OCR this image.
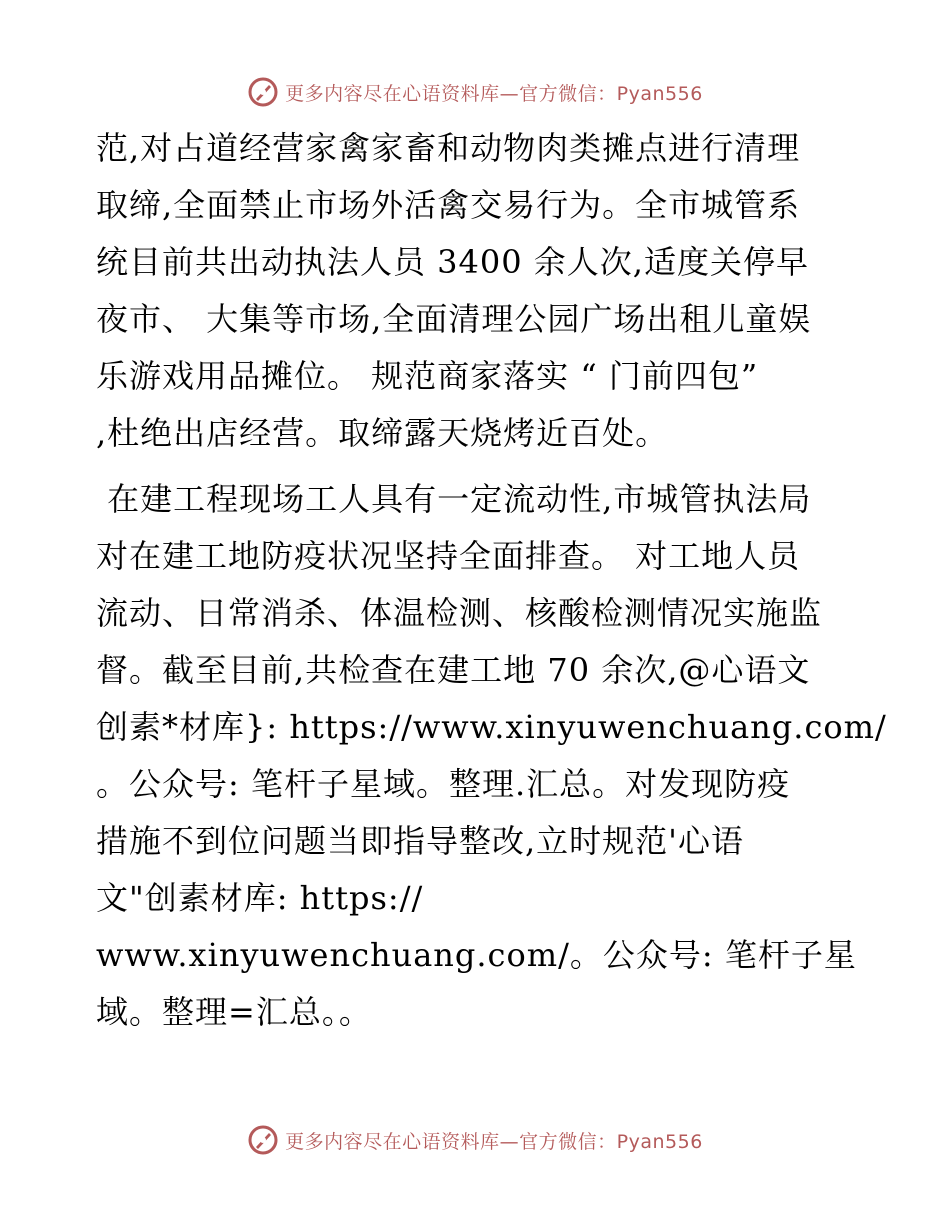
更多内容尽在心语资料库—官方微信：Pyan556
范,对占道经营家禽家畜和动物肉类摊点进行清理
取缔,全面禁止市场外活禽交易行为。全市城管系
统目前共出动执法人员 3400 余人次,适度关停早
夜市、 大集等市场,全面清理公园广场出租儿童娱
乐游戏用品摊位。 规范商家落实 “ 门前四包”
,杜绝出店经营。取缔露天烧烤近百处。
在建工程现场工人具有一定流动性,市城管执法局
对在建工地防疫状况坚持全面排查。 对工地人员
流动、日常消杀、体温检测、核酸检测情况实施监
督。截至目前,共检查在建工地 70 余次,@心语文
创素*材库}: https://www.xinyuwenchuang.com/
。公众号: 笔杆子星域。整理.汇总。对发现防疫
措施不到位问题当即指导整改,立时规范'心语
文"创素材库: https://
www.xinyuwenchuang.com/。公众号: 笔杆子星
域。整理=汇总。。
更多内容尽在心语资料库—官方微信：Pyan556
